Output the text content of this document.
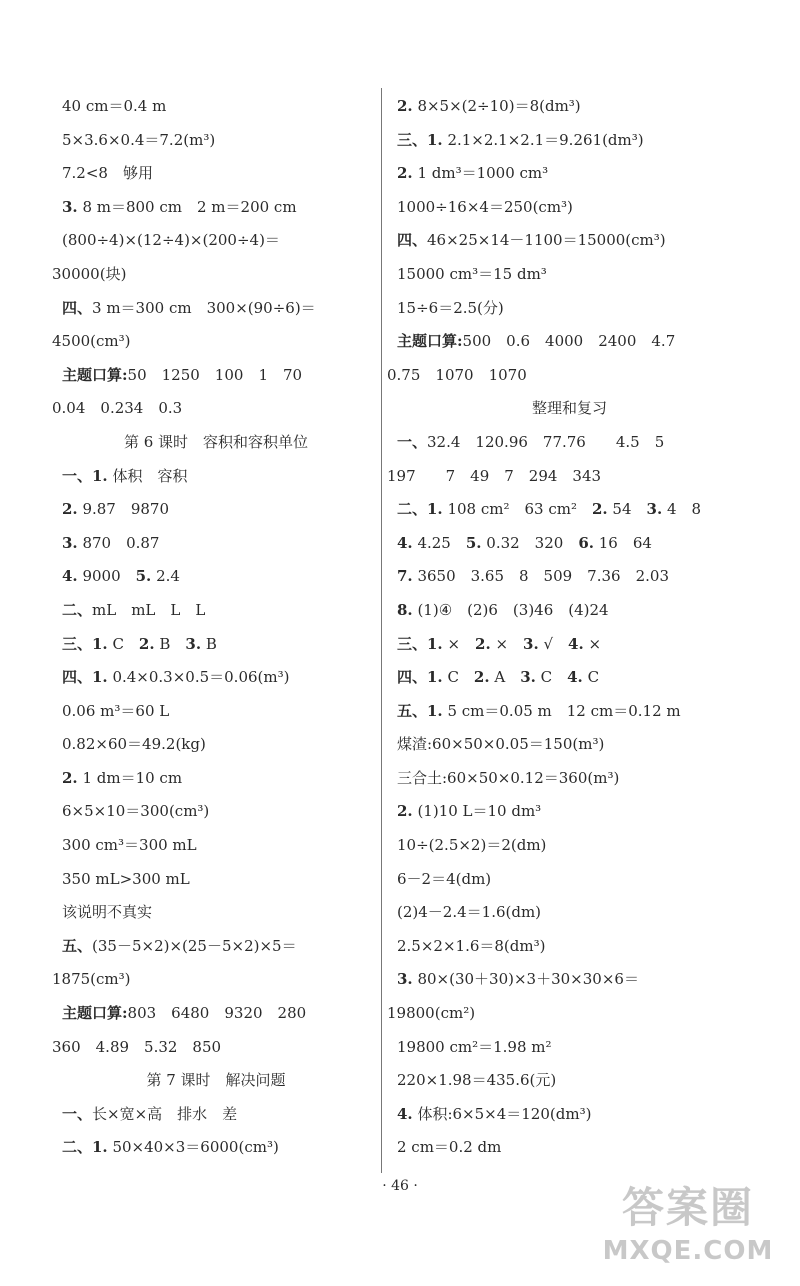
40 cm＝0.4 m
5×3.6×0.4＝7.2(m³)
7.2<8　够用
3. 8 m＝800 cm　2 m＝200 cm
(800÷4)×(12÷4)×(200÷4)＝
30000(块)
四、3 m＝300 cm　300×(90÷6)＝
4500(cm³)
主题口算:50　1250　100　1　70
0.04　0.234　0.3
第 6 课时　容积和容积单位
一、1. 体积　容积
2. 9.87　9870
3. 870　0.87
4. 9000　5. 2.4
二、mL　mL　L　L
三、1. C　2. B　3. B
四、1. 0.4×0.3×0.5＝0.06(m³)
0.06 m³＝60 L
0.82×60＝49.2(kg)
2. 1 dm＝10 cm
6×5×10＝300(cm³)
300 cm³＝300 mL
350 mL>300 mL
该说明不真实
五、(35－5×2)×(25－5×2)×5＝
1875(cm³)
主题口算:803　6480　9320　280
360　4.89　5.32　850
第 7 课时　解决问题
一、长×宽×高　排水　差
二、1. 50×40×3＝6000(cm³)
2. 8×5×(2÷10)＝8(dm³)
三、1. 2.1×2.1×2.1＝9.261(dm³)
2. 1 dm³＝1000 cm³
1000÷16×4＝250(cm³)
四、46×25×14－1100＝15000(cm³)
15000 cm³＝15 dm³
15÷6＝2.5(分)
主题口算:500　0.6　4000　2400　4.7
0.75　1070　1070
整理和复习
一、32.4　120.96　77.76　　4.5　5
197　　7　49　7　294　343
二、1. 108 cm²　63 cm²　2. 54　3. 4　8
4. 4.25　5. 0.32　320　6. 16　64
7. 3650　3.65　8　509　7.36　2.03
8. (1)④　(2)6　(3)46　(4)24
三、1. ×　2. ×　3. √　4. ×
四、1. C　2. A　3. C　4. C
五、1. 5 cm＝0.05 m　12 cm＝0.12 m
煤渣:60×50×0.05＝150(m³)
三合土:60×50×0.12＝360(m³)
2. (1)10 L＝10 dm³
10÷(2.5×2)＝2(dm)
6－2＝4(dm)
(2)4－2.4＝1.6(dm)
2.5×2×1.6＝8(dm³)
3. 80×(30＋30)×3＋30×30×6＝
19800(cm²)
19800 cm²＝1.98 m²
220×1.98＝435.6(元)
4. 体积:6×5×4＝120(dm³)
2 cm＝0.2 dm
· 46 ·	答案圈
MXQE.COM
